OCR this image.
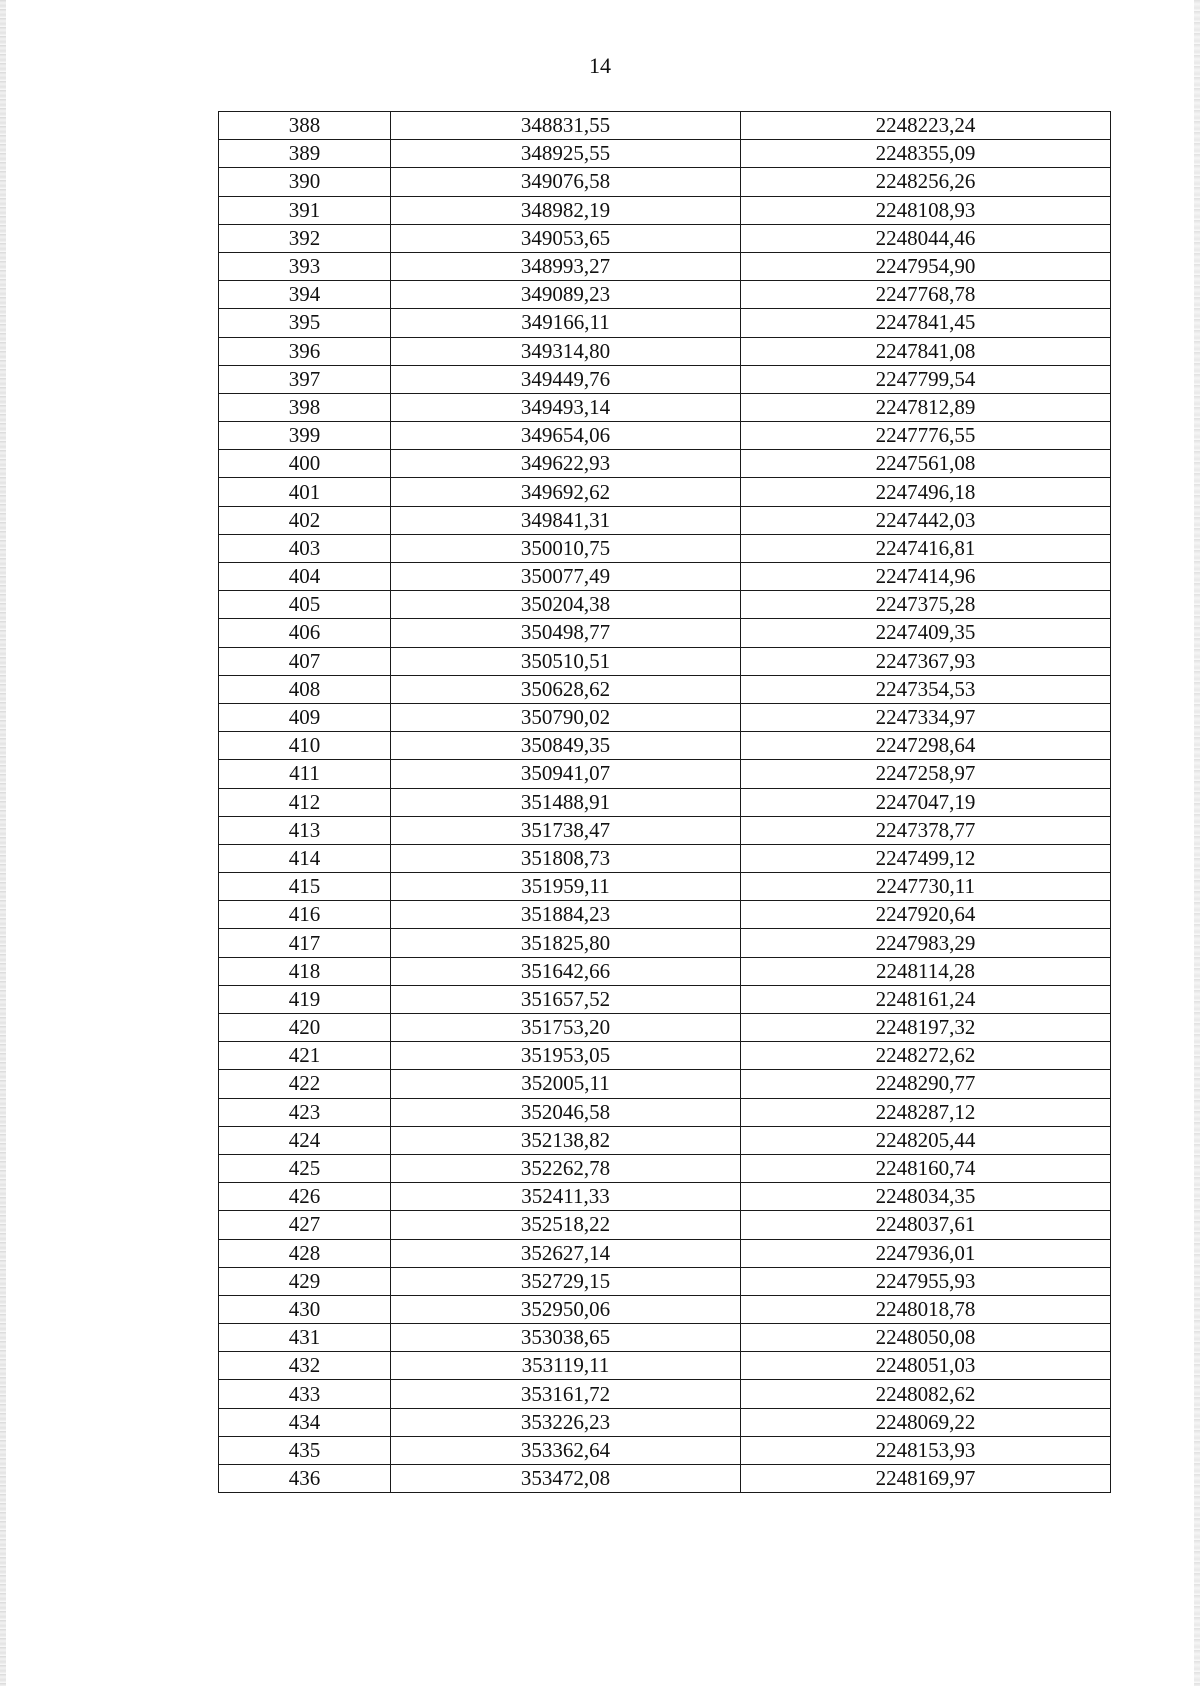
14
388	348831,55	2248223,24
389	348925,55	2248355,09
390	349076,58	2248256,26
391	348982,19	2248108,93
392	349053,65	2248044,46
393	348993,27	2247954,90
394	349089,23	2247768,78
395	349166,11	2247841,45
396	349314,80	2247841,08
397	349449,76	2247799,54
398	349493,14	2247812,89
399	349654,06	2247776,55
400	349622,93	2247561,08
401	349692,62	2247496,18
402	349841,31	2247442,03
403	350010,75	2247416,81
404	350077,49	2247414,96
405	350204,38	2247375,28
406	350498,77	2247409,35
407	350510,51	2247367,93
408	350628,62	2247354,53
409	350790,02	2247334,97
410	350849,35	2247298,64
411	350941,07	2247258,97
412	351488,91	2247047,19
413	351738,47	2247378,77
414	351808,73	2247499,12
415	351959,11	2247730,11
416	351884,23	2247920,64
417	351825,80	2247983,29
418	351642,66	2248114,28
419	351657,52	2248161,24
420	351753,20	2248197,32
421	351953,05	2248272,62
422	352005,11	2248290,77
423	352046,58	2248287,12
424	352138,82	2248205,44
425	352262,78	2248160,74
426	352411,33	2248034,35
427	352518,22	2248037,61
428	352627,14	2247936,01
429	352729,15	2247955,93
430	352950,06	2248018,78
431	353038,65	2248050,08
432	353119,11	2248051,03
433	353161,72	2248082,62
434	353226,23	2248069,22
435	353362,64	2248153,93
436	353472,08	2248169,97
